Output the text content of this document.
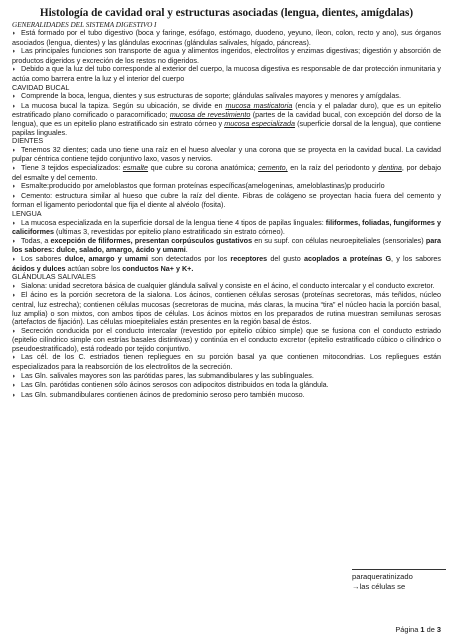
Histología de cavidad oral y estructuras asociadas (lengua, dientes, amígdalas)

GENERALIDADES DEL SISTEMA DIGESTIVO I

◗ Está formado por el tubo digestivo (boca y faringe, esófago, estómago, duodeno, yeyuno, íleon, colon, recto y ano), sus órganos asociados (lengua, dientes) y las glándulas exocrinas (glándulas salivales, hígado, páncreas).

◗ Las principales funciones son transporte de agua y alimentos ingeridos, electrolitos y enzimas digestivas; digestión y absorción de productos digeridos y excreción de los restos no digeridos.

◗ Debido a que la luz del tubo corresponde al exterior del cuerpo, la mucosa digestiva es responsable de dar protección inmunitaria y actúa como barrera entre la luz y el interior del cuerpo

CAVIDAD BUCAL

◗ Comprende la boca, lengua, dientes y sus estructuras de soporte; glándulas salivales mayores y menores y amígdalas.

◗ La mucosa bucal la tapiza. Según su ubicación, se divide en mucosa masticatoria (encía y el paladar duro), que es un epitelio estratificado plano cornificado o paracornificado; mucosa de revestimiento (partes de la cavidad bucal, con excepción del dorso de la lengua), que es un epitelio plano estratificado sin estrato córneo y mucosa especializada (superficie dorsal de la lengua), que contiene papilas linguales.

DIENTES

◗ Tenemos 32 dientes; cada uno tiene una raíz en el hueso alveolar y una corona que se proyecta en la cavidad bucal. La cavidad pulpar céntrica contiene tejido conjuntivo laxo, vasos y nervios.

◗ Tiene 3 tejidos especializados: esmalte que cubre su corona anatómica; cemento, en la raíz del periodonto y dentina, por debajo del esmalte y del cemento.

◗ Esmalte:producido por ameloblastos que forman proteínas específicas(amelogeninas, ameloblastinas)p producirlo

◗ Cemento: estructura similar al hueso que cubre la raíz del diente. Fibras de colágeno se proyectan hacia fuera del cemento y forman el ligamento periodontal que fija el diente al alvéolo (fosita).

LENGUA

◗ La mucosa especializada en la superficie dorsal de la lengua tiene 4 tipos de papilas linguales: filiformes, foliadas, fungiformes y caliciformes (ultimas 3, revestidas por epitelio plano estratificado sin estrato córneo).

◗ Todas, a excepción de filiformes, presentan corpúsculos gustativos en su supf. con células neuroepiteliales (sensoriales) para los sabores: dulce, salado, amargo, ácido y umami.

◗ Los sabores dulce, amargo y umami son detectados por los receptores del gusto acoplados a proteínas G, y los sabores ácidos y dulces actúan sobre los conductos Na+ y K+.

GLÁNDULAS SALIVALES

◗ Sialona: unidad secretora básica de cualquier glándula salival y consiste en el ácino, el conducto intercalar y el conducto excretor.

◗ El ácino es la porción secretora de la sialona. Los ácinos, contienen células serosas (proteínas secretoras, más teñidos, núcleo central, luz estrecha); contienen células mucosas (secretoras de mucina, más claras, la mucina “tira” el núcleo hacia la porción basal, luz amplia) o son mixtos, con ambos tipos de células. Los ácinos mixtos en los preparados de rutina muestran semilunas serosas (artefactos de fijación). Las células mioepiteliales están presentes en la región basal de éstos.

◗ Secreción conducida por el conducto intercalar (revestido por epitelio cúbico simple) que se fusiona con el conducto estriado (epitelio cilíndrico simple con estrías basales distintivas) y continúa en el conducto excretor (epitelio estratificado cúbico o cilíndrico o pseudoestratificado), está rodeado por tejido conjuntivo.

◗ Las cél. de los C. estriados tienen repliegues en su porción basal ya que contienen mitocondrias. Los repliegues están especializados para la reabsorción de los electrolitos de la secreción.

◗ Las Gln. salivales mayores son las parótidas pares, las submandibulares y las sublinguales.

◗ Las Gln. parótidas contienen sólo ácinos serosos con adipocitos distribuidos en toda la glándula.

◗ Las Gln. submandibulares contienen ácinos de predominio seroso pero también mucoso.

paraqueratinizado
→las células se
Página 1 de 3
